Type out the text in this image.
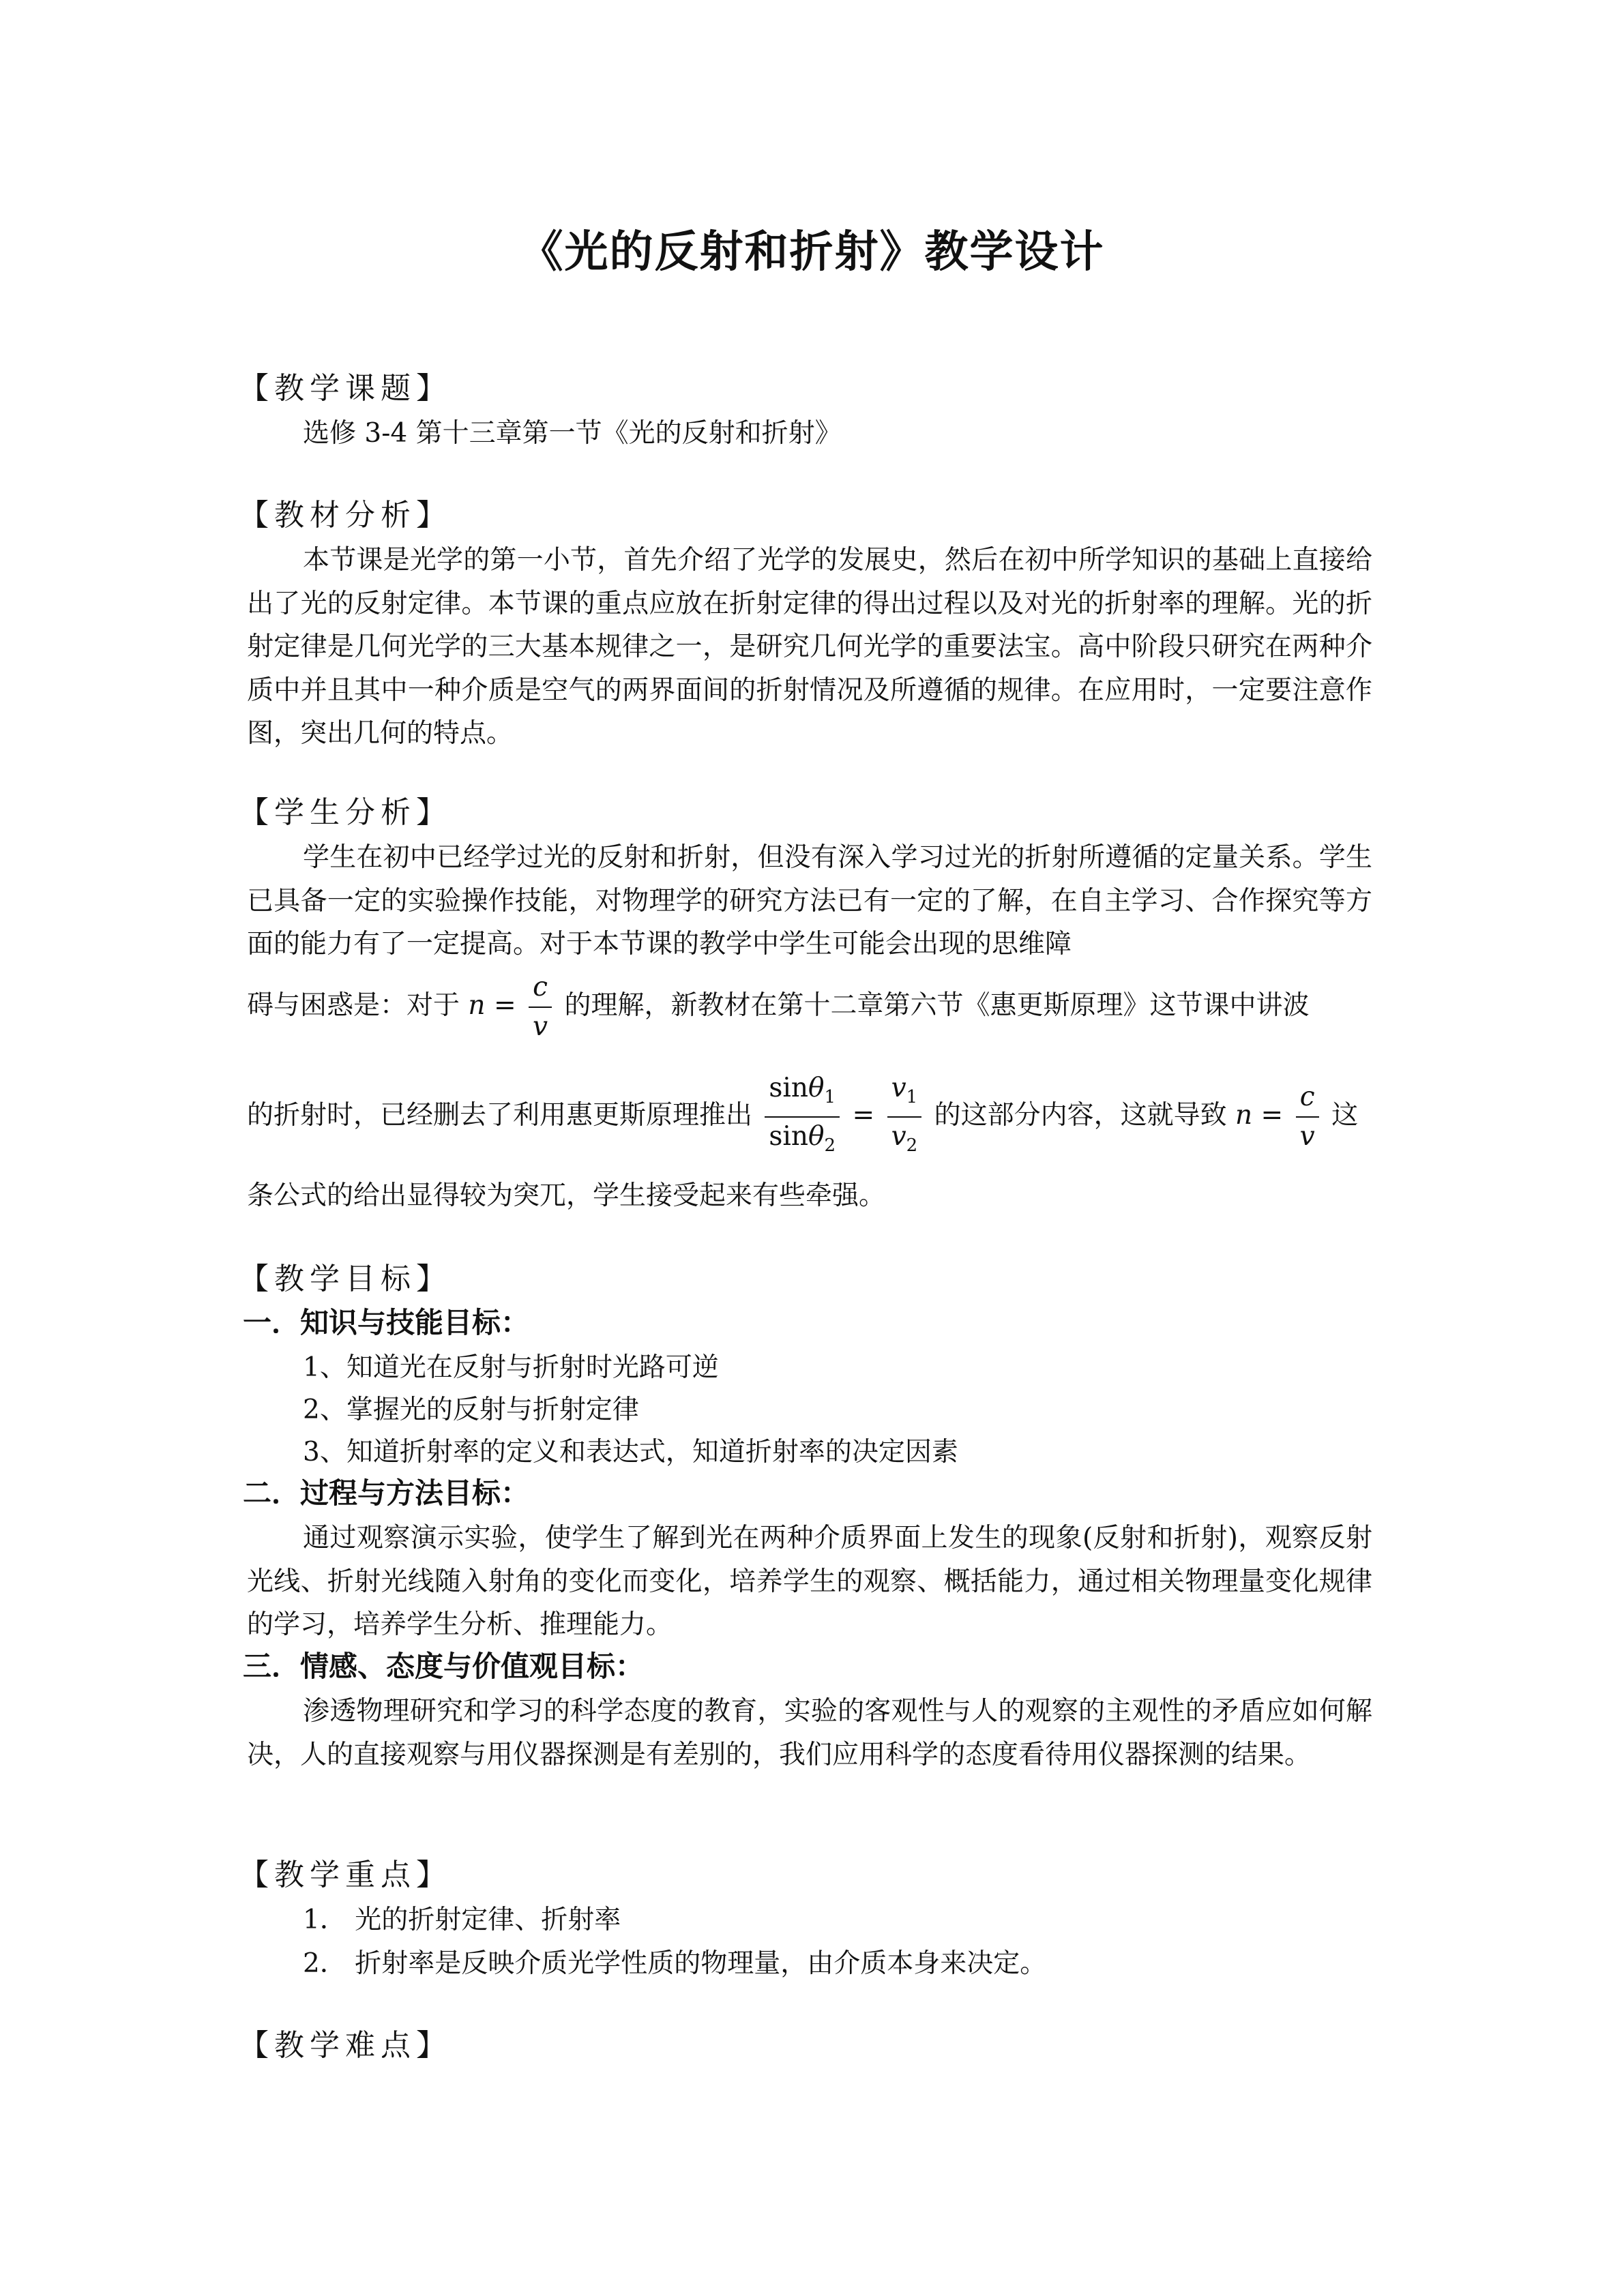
《光的反射和折射》教学设计
【教学课题】
选修 3-4 第十三章第一节《光的反射和折射》
【教材分析】
本节课是光学的第一小节，首先介绍了光学的发展史，然后在初中所学知识的基础上直接给出了光的反射定律。本节课的重点应放在折射定律的得出过程以及对光的折射率的理解。光的折射定律是几何光学的三大基本规律之一，是研究几何光学的重要法宝。高中阶段只研究在两种介质中并且其中一种介质是空气的两界面间的折射情况及所遵循的规律。在应用时，一定要注意作图，突出几何的特点。
【学生分析】
学生在初中已经学过光的反射和折射，但没有深入学习过光的折射所遵循的定量关系。学生已具备一定的实验操作技能，对物理学的研究方法已有一定的了解，在自主学习、合作探究等方面的能力有了一定提高。对于本节课的教学中学生可能会出现的思维障
碍与困惑是：对于 $n = \frac{c}{v}$ 的理解，新教材在第十二章第六节《惠更斯原理》这节课中讲波
的折射时，已经删去了利用惠更斯原理推出 $\frac{\sin\theta_1}{\sin\theta_2} = \frac{v_1}{v_2}$ 的这部分内容，这就导致 $n = \frac{c}{v}$ 这
条公式的给出显得较为突兀，学生接受起来有些牵强。
【教学目标】
一．知识与技能目标：
1、知道光在反射与折射时光路可逆
2、掌握光的反射与折射定律
3、知道折射率的定义和表达式，知道折射率的决定因素
二．过程与方法目标：
通过观察演示实验，使学生了解到光在两种介质界面上发生的现象(反射和折射)，观察反射光线、折射光线随入射角的变化而变化，培养学生的观察、概括能力，通过相关物理量变化规律的学习，培养学生分析、推理能力。
三．情感、态度与价值观目标：
渗透物理研究和学习的科学态度的教育，实验的客观性与人的观察的主观性的矛盾应如何解决，人的直接观察与用仪器探测是有差别的，我们应用科学的态度看待用仪器探测的结果。
【教学重点】
1． 光的折射定律、折射率
2． 折射率是反映介质光学性质的物理量，由介质本身来决定。
【教学难点】
